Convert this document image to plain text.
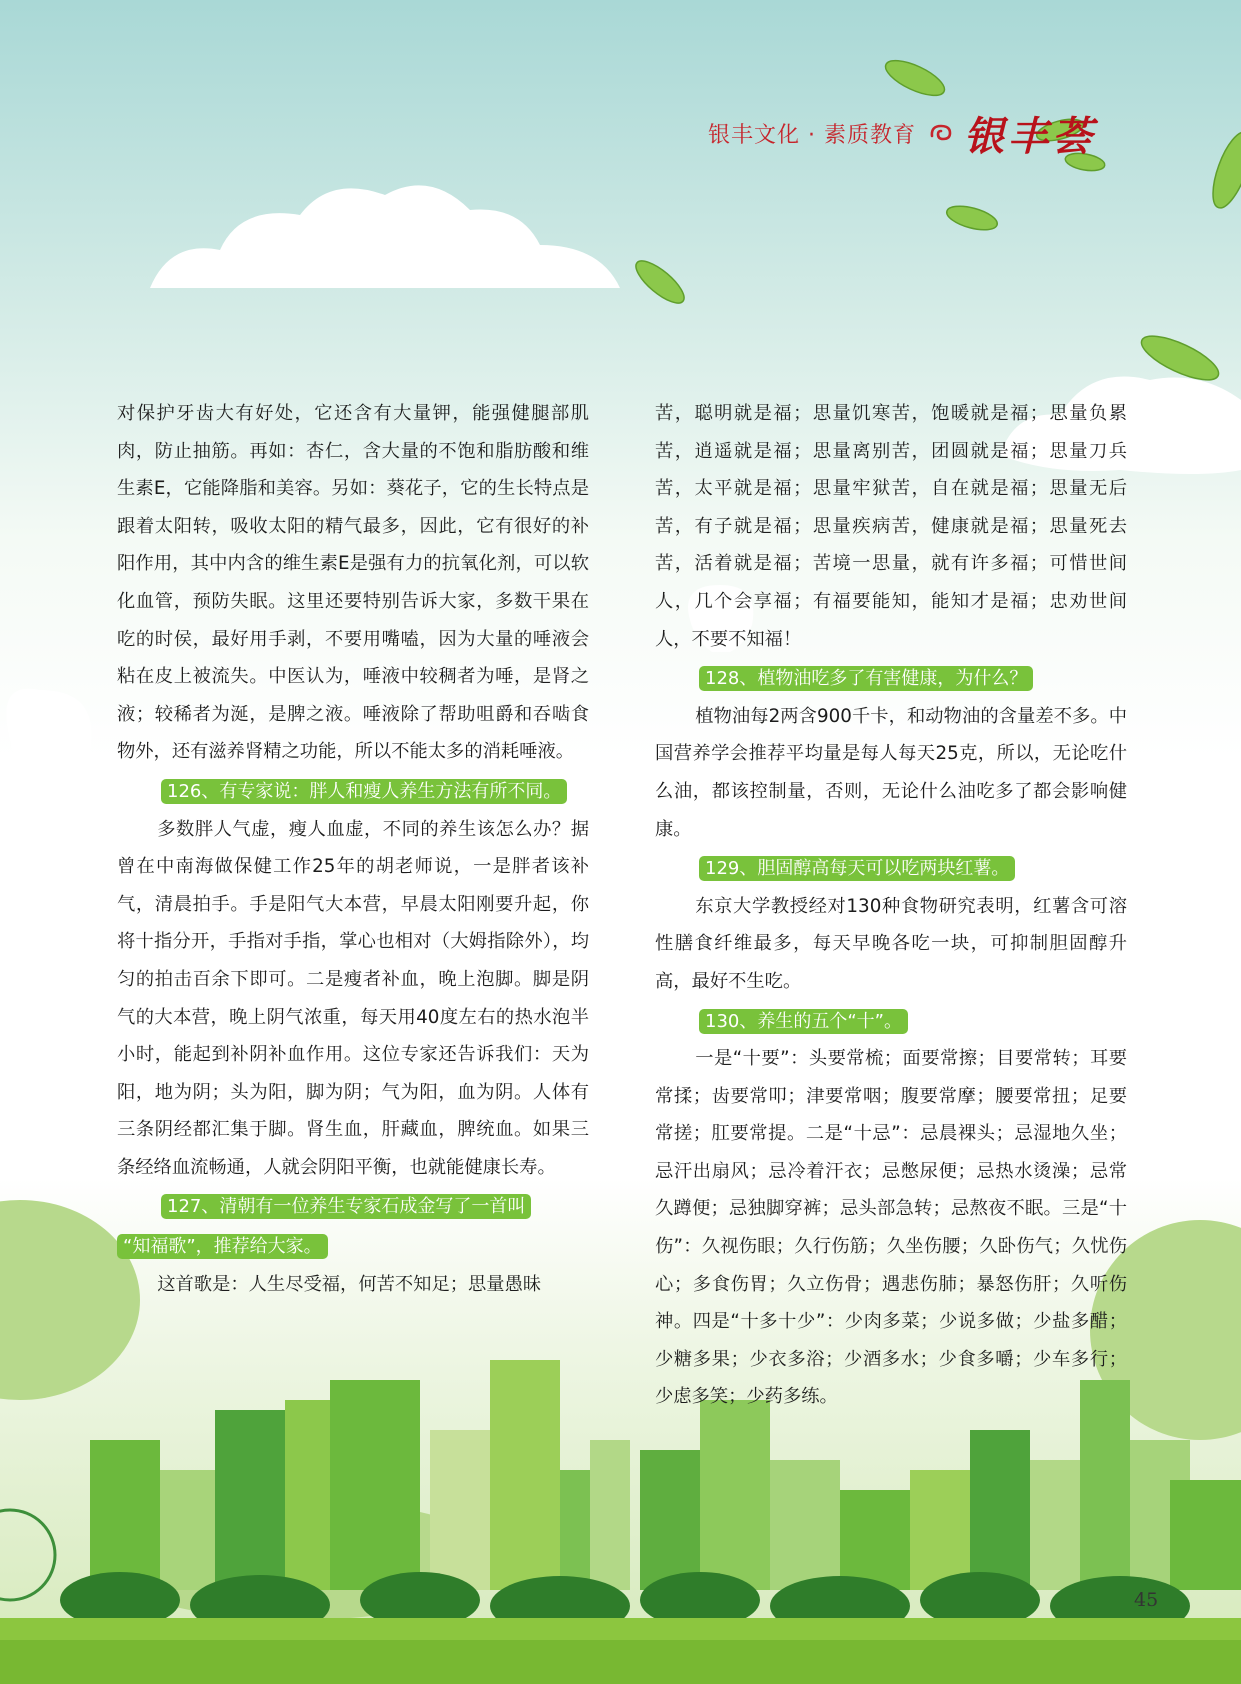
银丰文化 · 素质教育 银丰荟

对保护牙齿大有好处，它还含有大量钾，能强健腿部肌肉，防止抽筋。再如：杏仁，含大量的不饱和脂肪酸和维生素E，它能降脂和美容。另如：葵花子，它的生长特点是跟着太阳转，吸收太阳的精气最多，因此，它有很好的补阳作用，其中内含的维生素E是强有力的抗氧化剂，可以软化血管，预防失眠。这里还要特别告诉大家，多数干果在吃的时侯，最好用手剥，不要用嘴嗑，因为大量的唾液会粘在皮上被流失。中医认为，唾液中较稠者为唾，是肾之液；较稀者为涎，是脾之液。唾液除了帮助咀爵和吞啮食物外，还有滋养肾精之功能，所以不能太多的消耗唾液。

126、有专家说：胖人和瘦人养生方法有所不同。

多数胖人气虚，瘦人血虚，不同的养生该怎么办？据曾在中南海做保健工作25年的胡老师说，一是胖者该补气，清晨拍手。手是阳气大本营，早晨太阳刚要升起，你将十指分开，手指对手指，掌心也相对（大姆指除外），均匀的拍击百余下即可。二是瘦者补血，晚上泡脚。脚是阴气的大本营，晚上阴气浓重，每天用40度左右的热水泡半小时，能起到补阴补血作用。这位专家还告诉我们：天为阳，地为阴；头为阳，脚为阴；气为阳，血为阴。人体有三条阴经都汇集于脚。肾生血，肝藏血，脾统血。如果三条经络血流畅通，人就会阴阳平衡，也就能健康长寿。

127、清朝有一位养生专家石成金写了一首叫
“知福歌”，推荐给大家。

这首歌是：人生尽受福，何苦不知足；思量愚昧

苦，聪明就是福；思量饥寒苦，饱暖就是福；思量负累苦，逍遥就是福；思量离别苦，团圆就是福；思量刀兵苦，太平就是福；思量牢狱苦，自在就是福；思量无后苦，有子就是福；思量疾病苦，健康就是福；思量死去苦，活着就是福；苦境一思量，就有许多福；可惜世间人，几个会享福；有福要能知，能知才是福；忠劝世间人，不要不知福！

128、植物油吃多了有害健康，为什么？

植物油每2两含900千卡，和动物油的含量差不多。中国营养学会推荐平均量是每人每天25克，所以，无论吃什么油，都该控制量，否则，无论什么油吃多了都会影响健康。

129、胆固醇高每天可以吃两块红薯。

东京大学教授经对130种食物研究表明，红薯含可溶性膳食纤维最多，每天早晚各吃一块，可抑制胆固醇升高，最好不生吃。

130、养生的五个“十”。

一是“十要”：头要常梳；面要常擦；目要常转；耳要常揉；齿要常叩；津要常咽；腹要常摩；腰要常扭；足要常搓；肛要常提。二是“十忌”：忌晨裸头；忌湿地久坐；忌汗出扇风；忌冷着汗衣；忌憋尿便；忌热水烫澡；忌常久蹲便；忌独脚穿裤；忌头部急转；忌熬夜不眠。三是“十伤”：久视伤眼；久行伤筋；久坐伤腰；久卧伤气；久忧伤心；多食伤胃；久立伤骨；遇悲伤肺；暴怒伤肝；久听伤神。四是“十多十少”：少肉多菜；少说多做；少盐多醋；少糖多果；少衣多浴；少酒多水；少食多嚼；少车多行；少虑多笑；少药多练。

45
